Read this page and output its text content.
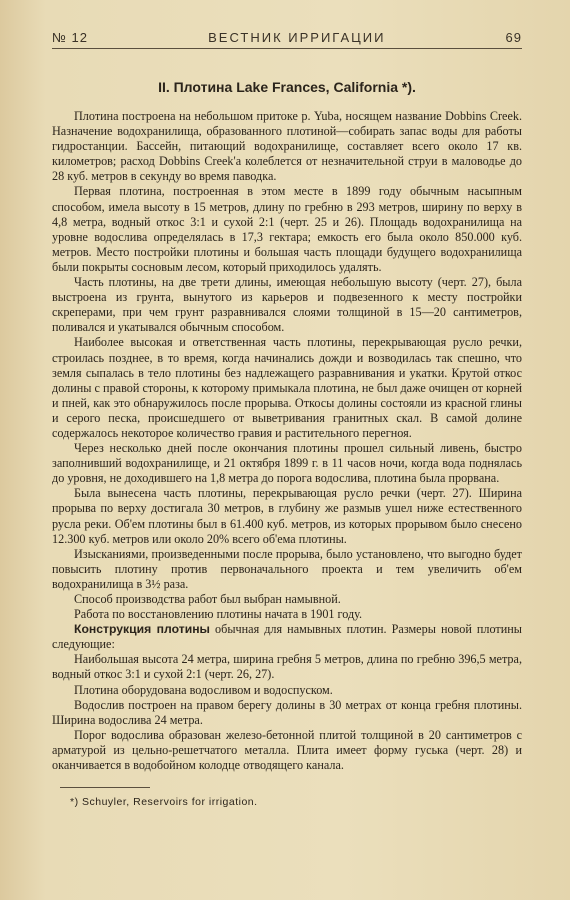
№ 12	ВЕСТНИК ИРРИГАЦИИ	69
II. Плотина Lake Frances, California *).

Плотина построена на небольшом притоке р. Yuba, носящем название Dobbins Creek. Назначение водохранилища, образованного плотиной—собирать запас воды для работы гидростанции. Бассейн, питающий водохранилище, составляет всего около 17 кв. километров; расход Dobbins Creek'а колеблется от незначительной струи в маловодье до 28 куб. метров в секунду во время паводка.

Первая плотина, построенная в этом месте в 1899 году обычным насыпным способом, имела высоту в 15 метров, длину по гребню в 293 метров, ширину по верху в 4,8 метра, водный откос 3:1 и сухой 2:1 (черт. 25 и 26). Площадь водохранилища на уровне водослива определялась в 17,3 гектара; емкость его была около 850.000 куб. метров. Место постройки плотины и большая часть площади будущего водохранилища были покрыты сосновым лесом, который приходилось удалять.

Часть плотины, на две трети длины, имеющая небольшую высоту (черт. 27), была выстроена из грунта, вынутого из карьеров и подвезенного к месту постройки скреперами, при чем грунт разравнивался слоями толщиной в 15—20 сантиметров, поливался и укатывался обычным способом.

Наиболее высокая и ответственная часть плотины, перекрывающая русло речки, строилась позднее, в то время, когда начинались дожди и возводилась так спешно, что земля сыпалась в тело плотины без надлежащего разравнивания и укатки. Крутой откос долины с правой стороны, к которому примыкала плотина, не был даже очищен от корней и пней, как это обнаружилось после прорыва. Откосы долины состояли из красной глины и серого песка, происшедшего от выветривания гранитных скал. В самой долине содержалось некоторое количество гравия и растительного перегноя.

Через несколько дней после окончания плотины прошел сильный ливень, быстро заполнивший водохранилище, и 21 октября 1899 г. в 11 часов ночи, когда вода поднялась до уровня, не доходившего на 1,8 метра до порога водослива, плотина была прорвана.

Была вынесена часть плотины, перекрывающая русло речки (черт. 27). Ширина прорыва по верху достигала 30 метров, в глубину же размыв ушел ниже естественного русла реки. Об'ем плотины был в 61.400 куб. метров, из которых прорывом было снесено 12.300 куб. метров или около 20% всего об'ема плотины.

Изысканиями, произведенными после прорыва, было установлено, что выгодно будет повысить плотину против первоначального проекта и тем увеличить об'ем водохранилища в 3½ раза.

Способ производства работ был выбран намывной.

Работа по восстановлению плотины начата в 1901 году.

Конструкция плотины обычная для намывных плотин. Размеры новой плотины следующие:

Наибольшая высота 24 метра, ширина гребня 5 метров, длина по гребню 396,5 метра, водный откос 3:1 и сухой 2:1 (черт. 26, 27).

Плотина оборудована водосливом и водоспуском.

Водослив построен на правом берегу долины в 30 метрах от конца гребня плотины. Ширина водослива 24 метра.

Порог водослива образован железо-бетонной плитой толщиной в 20 сантиметров с арматурой из цельно-решетчатого металла. Плита имеет форму гуська (черт. 28) и оканчивается в водобойном колодце отводящего канала.

*) Schuyler, Reservoirs for irrigation.
